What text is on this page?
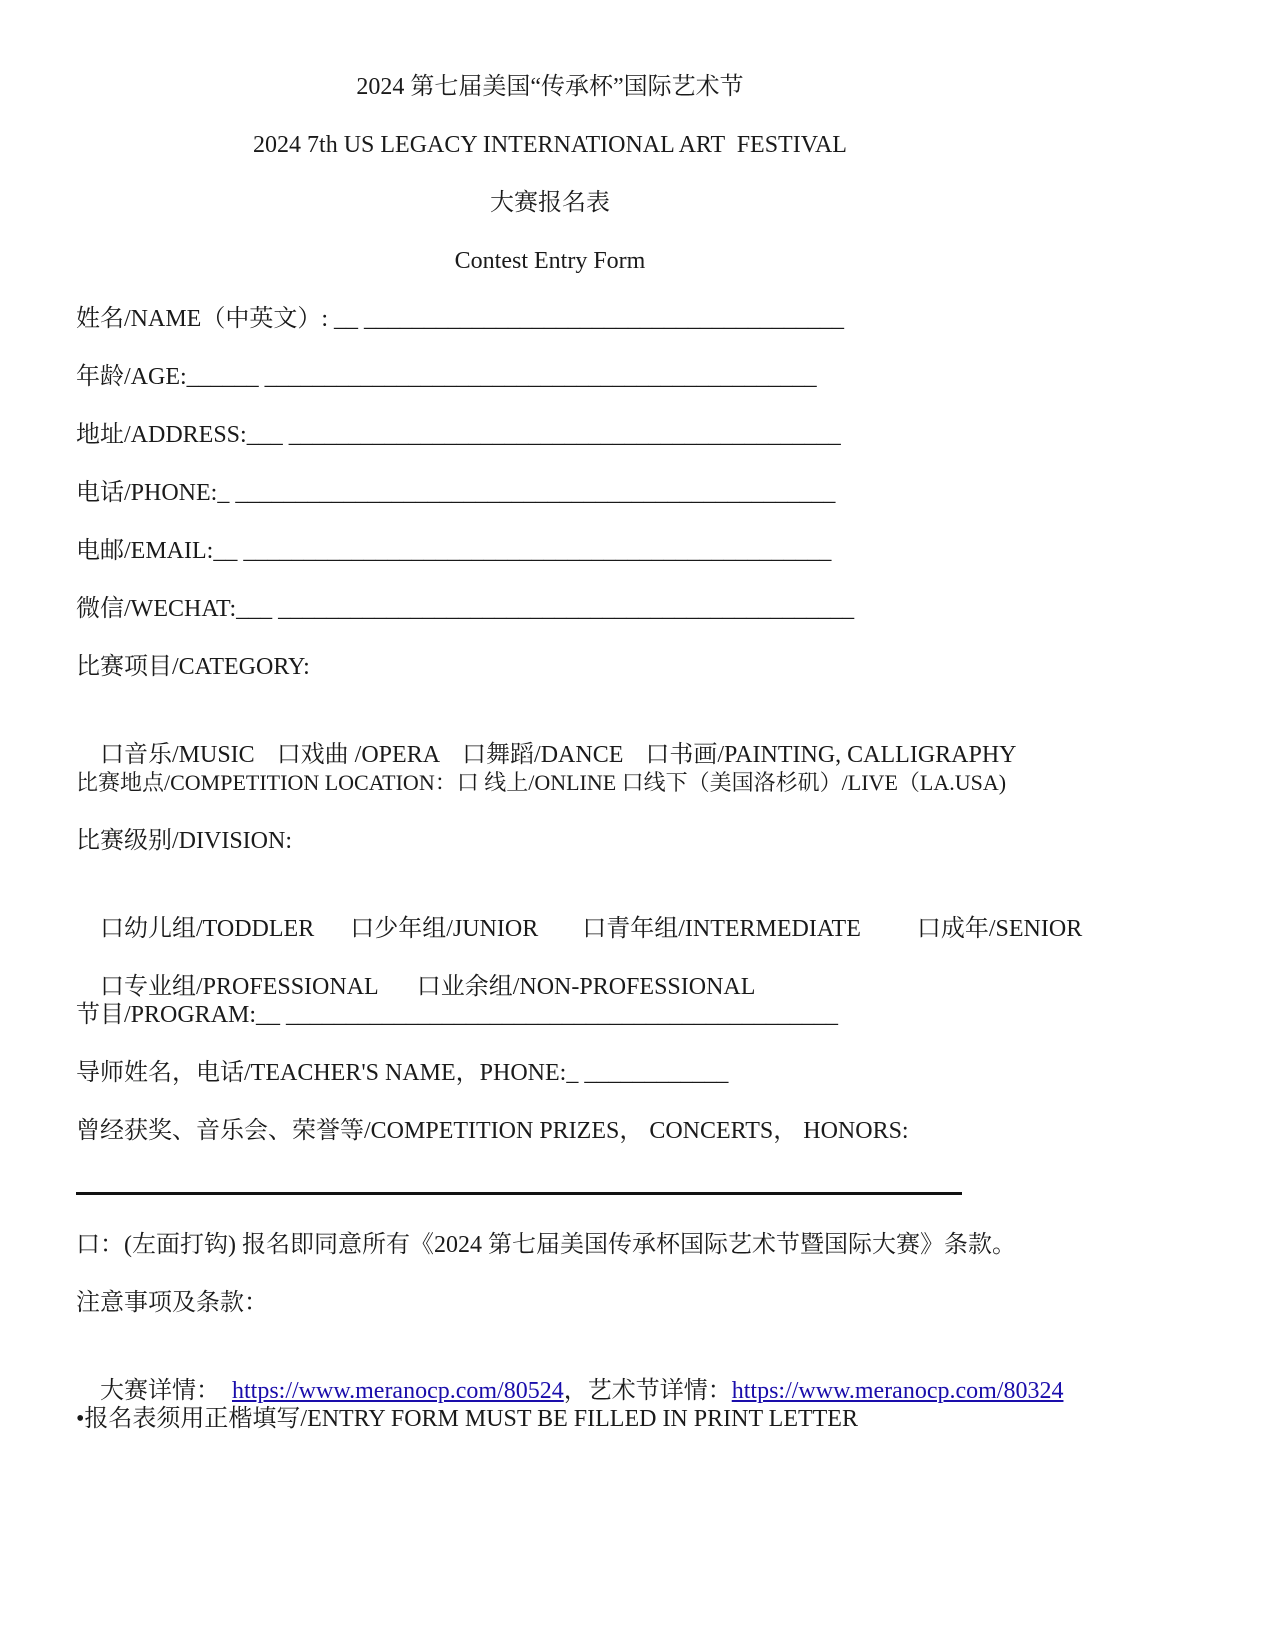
2024 第七届美国“传承杯”国际艺术节
2024 7th US LEGACY INTERNATIONAL ART  FESTIVAL
大赛报名表
Contest Entry Form
姓名/NAME（中英文）: __ ________________________________________
年龄/AGE:______ ______________________________________________
地址/ADDRESS:___ ______________________________________________
电话/PHONE:_ __________________________________________________
电邮/EMAIL:__ _________________________________________________
微信/WECHAT:___ ________________________________________________
比赛项目/CATEGORY:

口音乐/MUSIC 口戏曲 /OPERA 口舞蹈/DANCE 口书画/PAINTING, CALLIGRAPHY

比赛地点/COMPETITION LOCATION：口 线上/ONLINE 口线下（美国洛杉矶）/LIVE（LA.USA)
比赛级别/DIVISION:

口幼儿组/TODDLER 口少年组/JUNIOR 口青年组/INTERMEDIATE 口成年/SENIOR

口专业组/PROFESSIONAL 口业余组/NON-PROFESSIONAL

节目/PROGRAM:__ ______________________________________________
导师姓名，电话/TEACHER'S NAME，PHONE:_ ____________
曾经获奖、音乐会、荣誉等/COMPETITION PRIZES， CONCERTS， HONORS:
口：(左面打钩) 报名即同意所有《2024 第七届美国传承杯国际艺术节暨国际大赛》条款。
注意事项及条款：

大赛详情： https://www.meranocp.com/80524，艺术节详情：https://www.meranocp.com/80324

•报名表须用正楷填写/ENTRY FORM MUST BE FILLED IN PRINT LETTER
